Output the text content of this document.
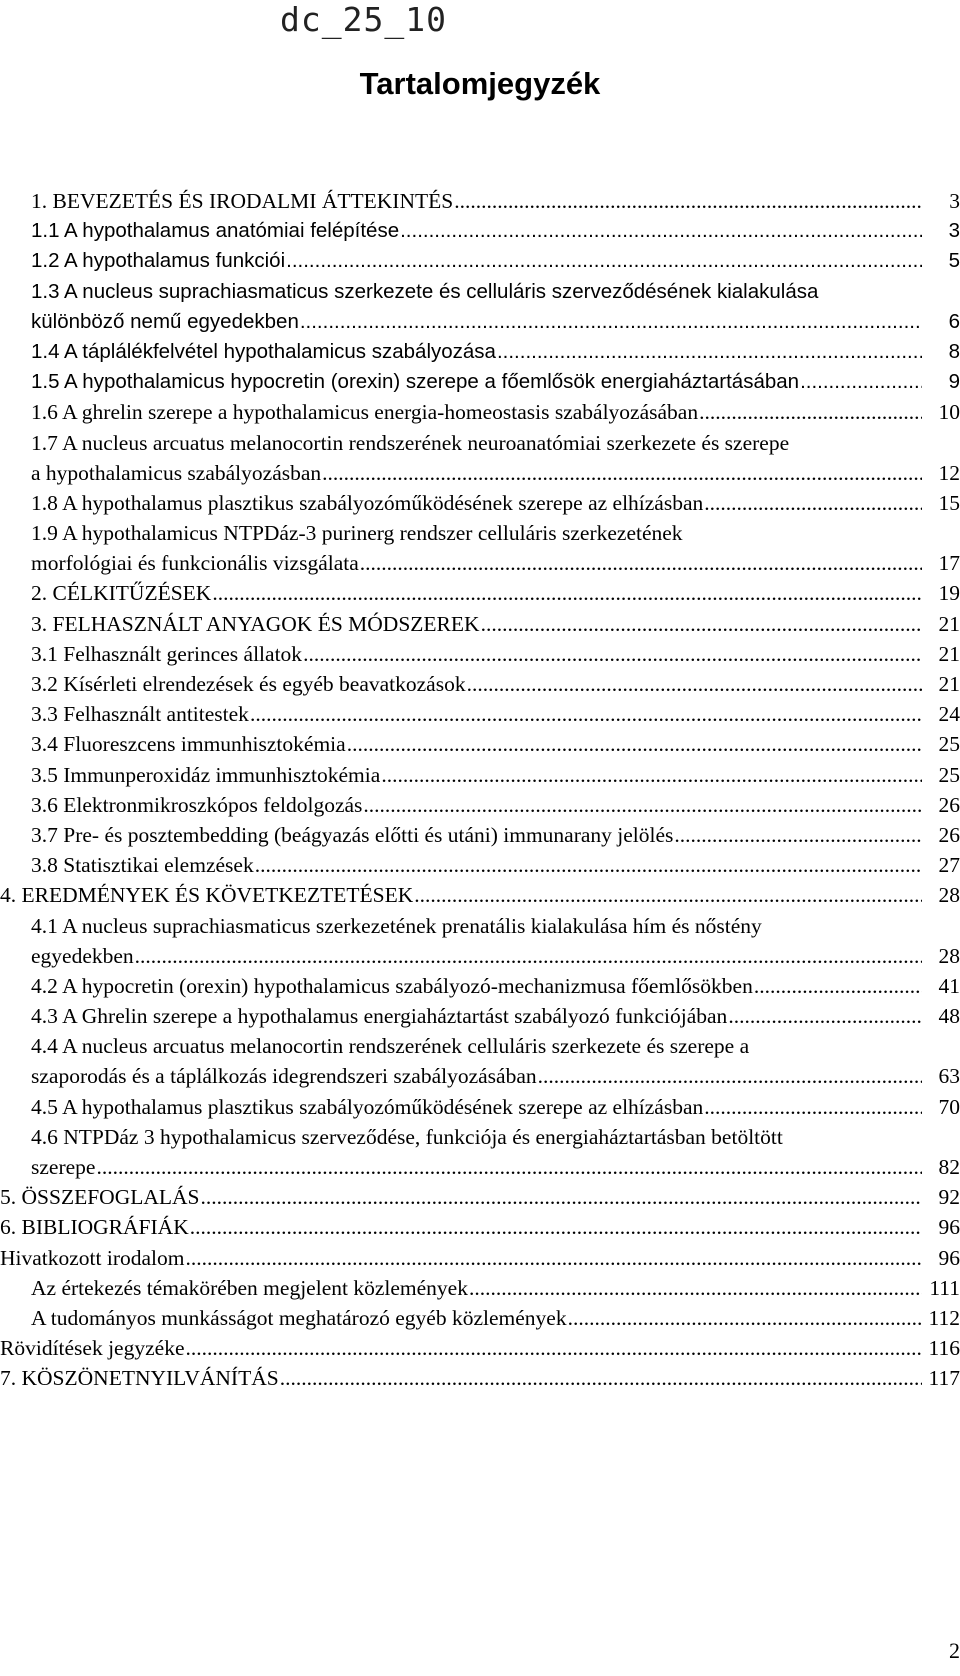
dc_25_10
Tartalomjegyzék
1. BEVEZETÉS ÉS IRODALMI ÁTTEKINTÉS .....	3
1.1 A hypothalamus anatómiai felépítése .....	3
1.2 A hypothalamus funkciói .....	5
1.3 A nucleus suprachiasmaticus szerkezete és celluláris szerveződésének kialakulása
különböző nemű egyedekben .....	6
1.4 A táplálékfelvétel hypothalamicus szabályozása .....	8
1.5 A hypothalamicus hypocretin (orexin) szerepe a főemlősök energiaháztartásában .....	9
1.6 A ghrelin szerepe a hypothalamicus energia-homeostasis szabályozásában .....	10
1.7 A nucleus arcuatus melanocortin rendszerének neuroanatómiai szerkezete és szerepe
a hypothalamicus szabályozásban .....	12
1.8 A hypothalamus plasztikus szabályozóműködésének szerepe az elhízásban .....	15
1.9 A hypothalamicus NTPDáz-3 purinerg rendszer celluláris szerkezetének
morfológiai és funkcionális vizsgálata .....	17
2. CÉLKITŰZÉSEK .....	19
3. FELHASZNÁLT ANYAGOK ÉS MÓDSZEREK .....	21
3.1 Felhasznált gerinces állatok .....	21
3.2 Kísérleti elrendezések és egyéb beavatkozások .....	21
3.3 Felhasznált antitestek .....	24
3.4 Fluoreszcens immunhisztokémia .....	25
3.5 Immunperoxidáz immunhisztokémia .....	25
3.6 Elektronmikroszkópos feldolgozás .....	26
3.7 Pre- és posztembedding (beágyazás előtti és utáni) immunarany jelölés .....	26
3.8 Statisztikai elemzések .....	27
4. EREDMÉNYEK ÉS KÖVETKEZTETÉSEK .....	28
4.1 A nucleus suprachiasmaticus szerkezetének prenatális kialakulása hím és nőstény
egyedekben .....	28
4.2 A hypocretin (orexin) hypothalamicus szabályozó-mechanizmusa főemlősökben .....	41
4.3 A Ghrelin szerepe a hypothalamus energiaháztartást szabályozó funkciójában .....	48
4.4 A nucleus arcuatus melanocortin rendszerének celluláris szerkezete és szerepe a
szaporodás és a táplálkozás idegrendszeri szabályozásában .....	63
4.5 A hypothalamus plasztikus szabályozóműködésének szerepe az elhízásban .....	70
4.6 NTPDáz 3 hypothalamicus szerveződése, funkciója és energiaháztartásban betöltött
szerepe .....	82
5. ÖSSZEFOGLALÁS .....	92
6. BIBLIOGRÁFIÁK .....	96
Hivatkozott irodalom .....	96
Az értekezés témakörében megjelent közlemények .....	111
A tudományos munkásságot meghatározó egyéb közlemények .....	112
Rövidítések jegyzéke .....	116
7. KÖSZÖNETNYILVÁNÍTÁS .....	117
2
